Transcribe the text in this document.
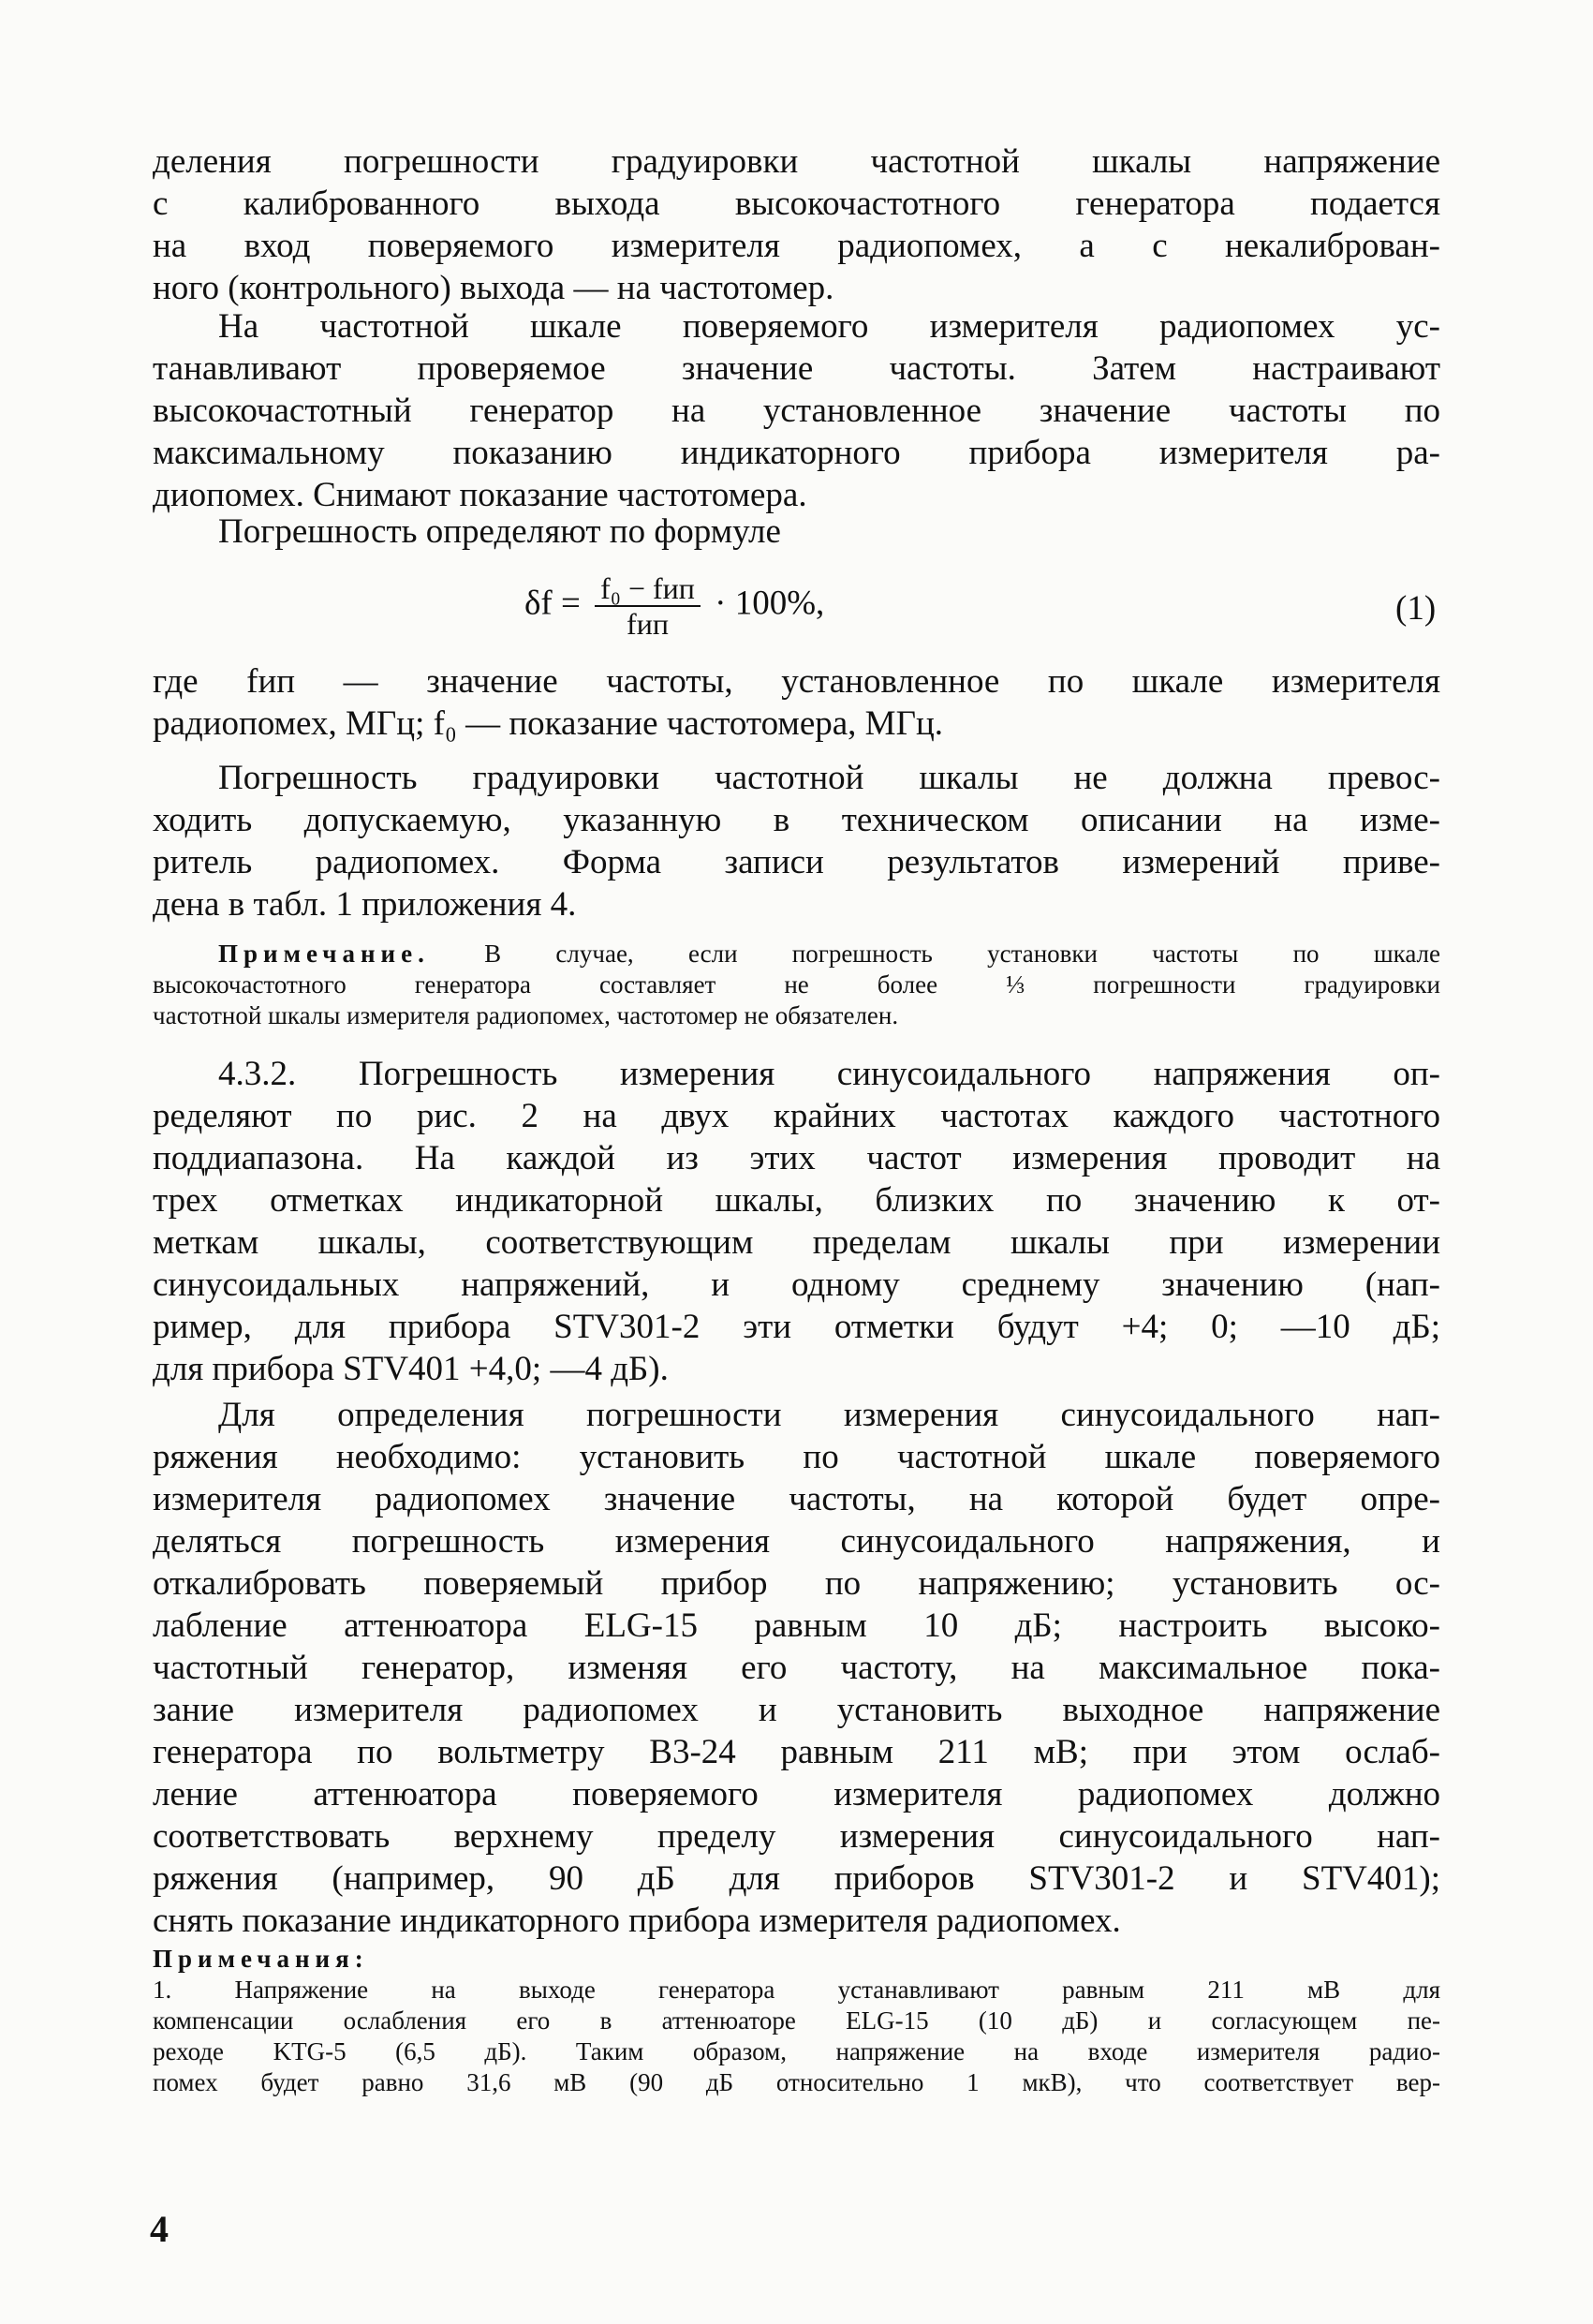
деления погрешности градуировки частотной шкалы напряжение
с калиброванного выхода высокочастотного генератора подается
на вход поверяемого измерителя радиопомех, а с некалиброван-
ного (контрольного) выхода — на частотомер.
На частотной шкале поверяемого измерителя радиопомех ус-
танавливают проверяемое значение частоты. Затем настраивают
высокочастотный генератор на установленное значение частоты по
максимальному показанию индикаторного прибора измерителя ра-
диопомех. Снимают показание частотомера.
Погрешность определяют по формуле
$\delta f = \frac{\text{f₀ − fип}}{\text{fип}} \cdot 100\%$,	(1)
где fип — значение частоты, установленное по шкале измерителя
радиопомех, МГц; f₀ — показание частотомера, МГц.
Погрешность градуировки частотной шкалы не должна превос-
ходить допускаемую, указанную в техническом описании на изме-
ритель радиопомех. Форма записи результатов измерений приве-
дена в табл. 1 приложения 4.
Примечание. В случае, если погрешность установки частоты по шкале
высокочастотного генератора составляет не более ⅓ погрешности градуировки
частотной шкалы измерителя радиопомех, частотомер не обязателен.
4.3.2. Погрешность измерения синусоидального напряжения оп-
ределяют по рис. 2 на двух крайних частотах каждого частотного
поддиапазона. На каждой из этих частот измерения проводит на
трех отметках индикаторной шкалы, близких по значению к от-
меткам шкалы, соответствующим пределам шкалы при измерении
синусоидальных напряжений, и одному среднему значению (нап-
ример, для прибора STV301-2 эти отметки будут +4; 0; —10 дБ;
для прибора STV401 +4,0; —4 дБ).
Для определения погрешности измерения синусоидального нап-
ряжения необходимо: установить по частотной шкале поверяемого
измерителя радиопомех значение частоты, на которой будет опре-
деляться погрешность измерения синусоидального напряжения, и
откалибровать поверяемый прибор по напряжению; установить ос-
лабление аттенюатора ELG-15 равным 10 дБ; настроить высоко-
частотный генератор, изменяя его частоту, на максимальное пока-
зание измерителя радиопомех и установить выходное напряжение
генератора по вольтметру В3-24 равным 211 мВ; при этом ослаб-
ление аттенюатора поверяемого измерителя радиопомех должно
соответствовать верхнему пределу измерения синусоидального нап-
ряжения (например, 90 дБ для приборов STV301-2 и STV401);
снять показание индикаторного прибора измерителя радиопомех.
Примечания:
1. Напряжение на выходе генератора устанавливают равным 211 мВ для
компенсации ослабления его в аттенюаторе ELG-15 (10 дБ) и согласующем пе-
реходе KTG-5 (6,5 дБ). Таким образом, напряжение на входе измерителя радио-
помех будет равно 31,6 мВ (90 дБ относительно 1 мкВ), что соответствует вер-
4
